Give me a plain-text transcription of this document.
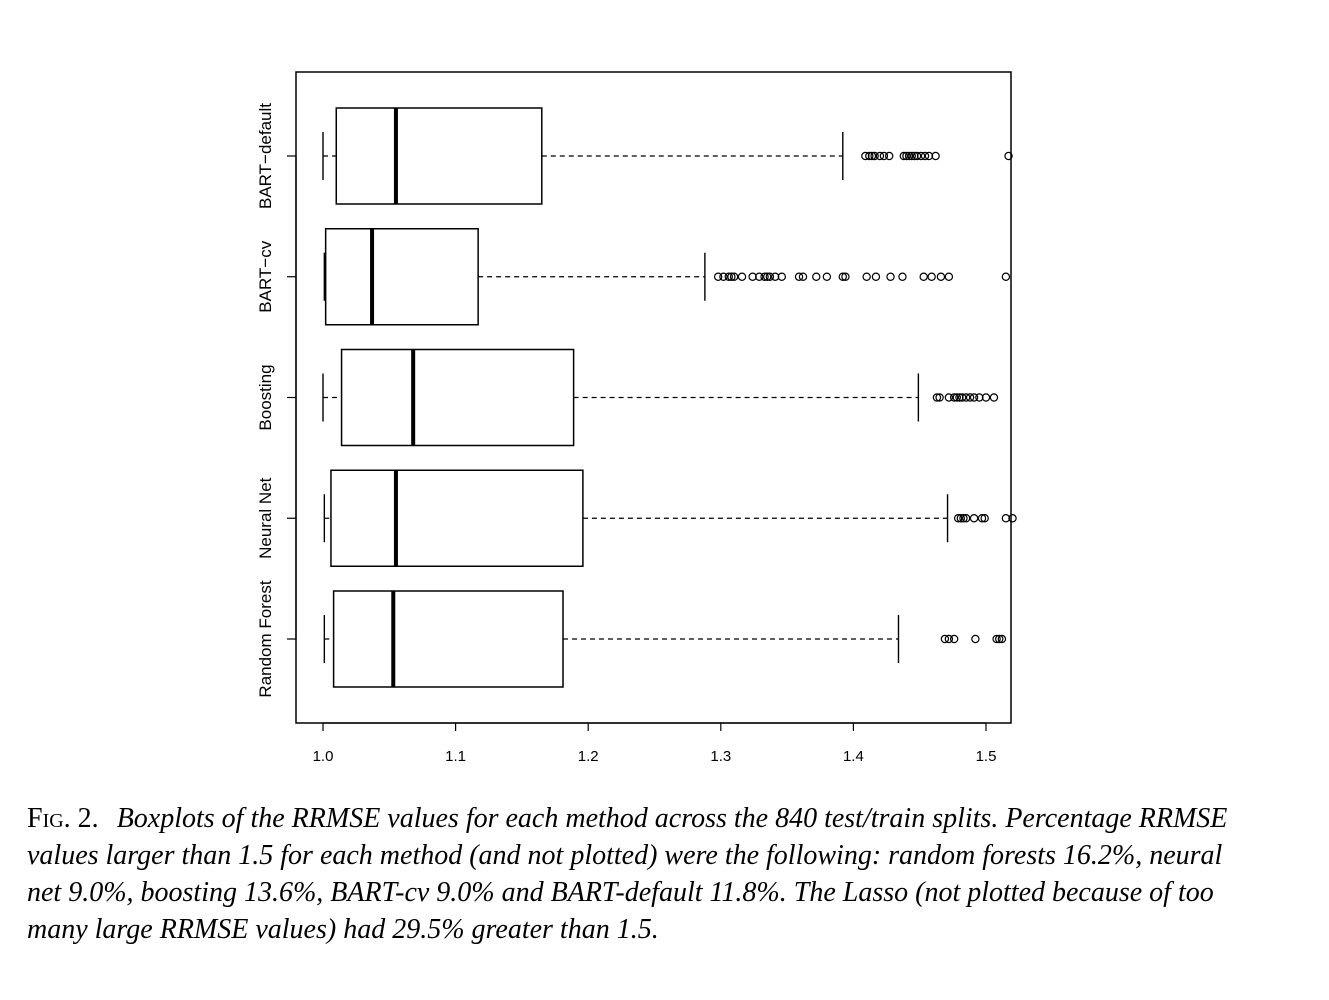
1.0	1.1	1.2	1.3	1.4	1.5
BART−default
BART−cv
Boosting
Neural Net
Random Forest
Fig. 2. Boxplots of the RRMSE values for each method across the 840 test/train splits. Percentage RRMSE values larger than 1.5 for each method (and not plotted) were the following: random forests 16.2%, neural net 9.0%, boosting 13.6%, BART-cv 9.0% and BART-default 11.8%. The Lasso (not plotted because of too many large RRMSE values) had 29.5% greater than 1.5.
